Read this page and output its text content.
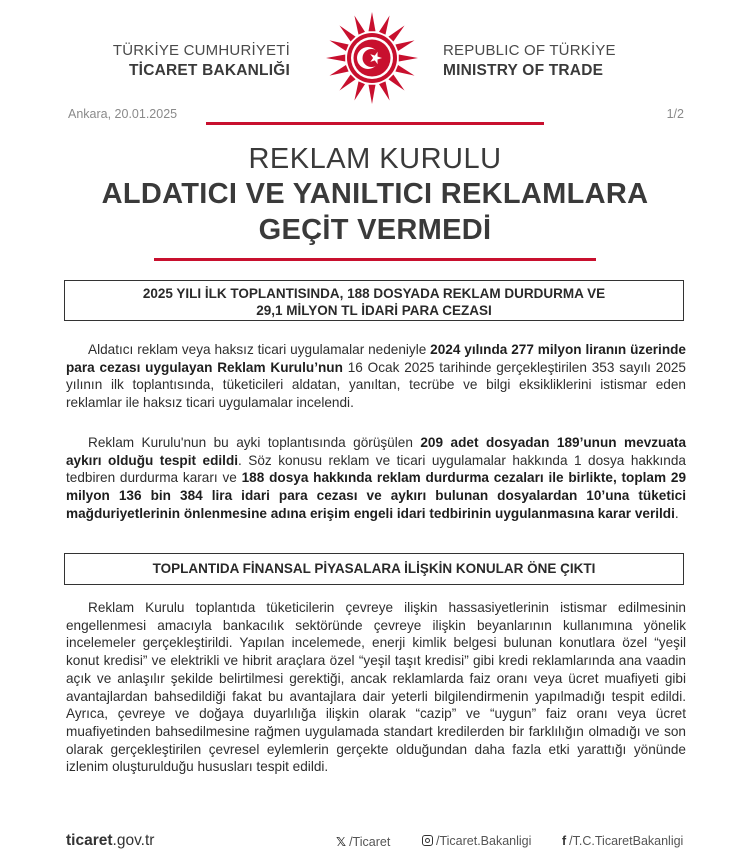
TÜRKİYE CUMHURİYETİ
TİCARET BAKANLIĞI
REPUBLIC OF TÜRKİYE
MINISTRY OF TRADE
Ankara, 20.01.2025	1/2
REKLAM KURULU
ALDATICI VE YANILTICI REKLAMLARA
GEÇİT VERMEDİ
2025 YILI İLK TOPLANTISINDA, 188 DOSYADA REKLAM DURDURMA VE
29,1 MİLYON TL İDARİ PARA CEZASI

Aldatıcı reklam veya haksız ticari uygulamalar nedeniyle 2024 yılında 277 milyon liranın üzerinde para cezası uygulayan Reklam Kurulu’nun 16 Ocak 2025 tarihinde gerçekleştirilen 353 sayılı 2025 yılının ilk toplantısında, tüketicileri aldatan, yanıltan, tecrübe ve bilgi eksikliklerini istismar eden reklamlar ile haksız ticari uygulamalar incelendi.

Reklam Kurulu'nun bu ayki toplantısında görüşülen 209 adet dosyadan 189’unun mevzuata aykırı olduğu tespit edildi. Söz konusu reklam ve ticari uygulamalar hakkında 1 dosya hakkında tedbiren durdurma kararı ve 188 dosya hakkında reklam durdurma cezaları ile birlikte, toplam 29 milyon 136 bin 384 lira idari para cezası ve aykırı bulunan dosyalardan 10’una tüketici mağduriyetlerinin önlenmesine adına erişim engeli idari tedbirinin uygulanmasına karar verildi.

TOPLANTIDA FİNANSAL PİYASALARA İLİŞKİN KONULAR ÖNE ÇIKTI

Reklam Kurulu toplantıda tüketicilerin çevreye ilişkin hassasiyetlerinin istismar edilmesinin engellenmesi amacıyla bankacılık sektöründe çevreye ilişkin beyanlarının kullanımına yönelik incelemeler gerçekleştirildi. Yapılan incelemede, enerji kimlik belgesi bulunan konutlara özel “yeşil konut kredisi” ve elektrikli ve hibrit araçlara özel “yeşil taşıt kredisi” gibi kredi reklamlarında ana vaadin açık ve anlaşılır şekilde belirtilmesi gerektiği, ancak reklamlarda faiz oranı veya ücret muafiyeti gibi avantajlardan bahsedildiği fakat bu avantajlara dair yeterli bilgilendirmenin yapılmadığı tespit edildi. Ayrıca, çevreye ve doğaya duyarlılığa ilişkin olarak “cazip” ve “uygun” faiz oranı veya ücret muafiyetinden bahsedilmesine rağmen uygulamada standart kredilerden bir farklılığın olmadığı ve son olarak gerçekleştirilen çevresel eylemlerin gerçekte olduğundan daha fazla etki yarattığı yönünde izlenim oluşturulduğu hususları tespit edildi.

ticaret.gov.tr	𝕏 /Ticaret	/Ticaret.Bakanligi f /T.C.TicaretBakanligi
